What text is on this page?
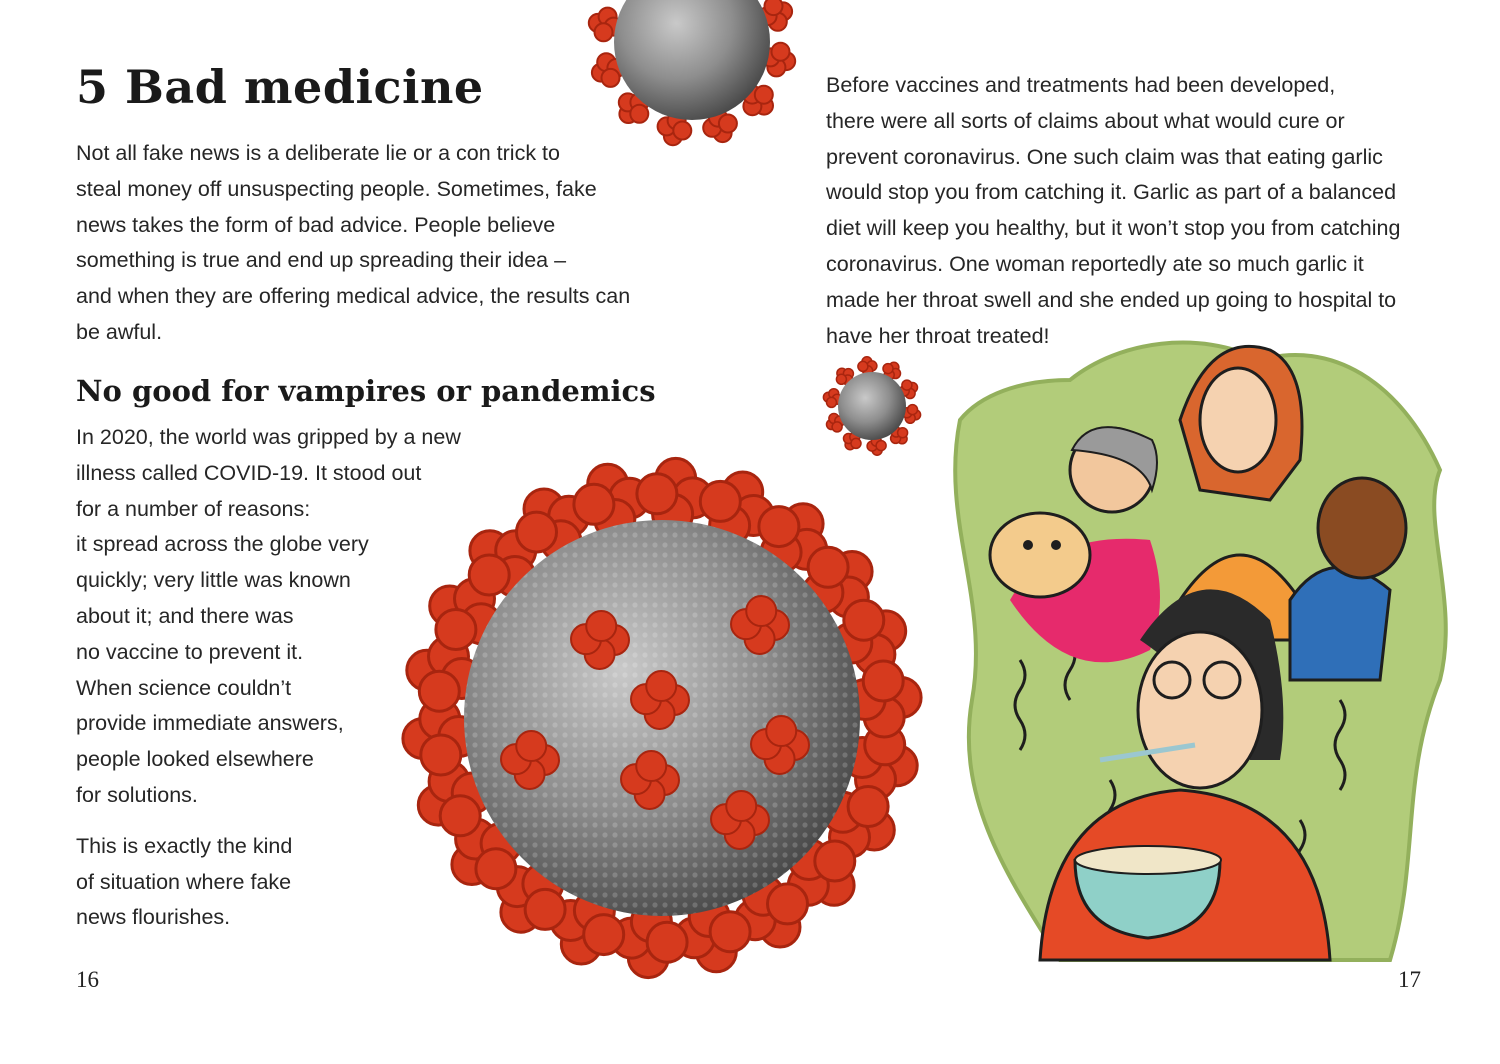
5 Bad medicine
Not all fake news is a deliberate lie or a con trick to
steal money off unsuspecting people. Sometimes, fake
news takes the form of bad advice. People believe
something is true and end up spreading their idea –
and when they are offering medical advice, the results can
be awful.
No good for vampires or pandemics

In 2020, the world was gripped by a new
illness called COVID-19. It stood out
for a number of reasons:
it spread across the globe very
quickly; very little was known
about it; and there was
no vaccine to prevent it.
When science couldn’t
provide immediate answers,
people looked elsewhere
for solutions.

This is exactly the kind
of situation where fake
news flourishes.

Before vaccines and treatments had been developed,
there were all sorts of claims about what would cure or
prevent coronavirus. One such claim was that eating garlic
would stop you from catching it. Garlic as part of a balanced
diet will keep you healthy, but it won’t stop you from catching
coronavirus. One woman reportedly ate so much garlic it
made her throat swell and she ended up going to hospital to
have her throat treated!
16	17
